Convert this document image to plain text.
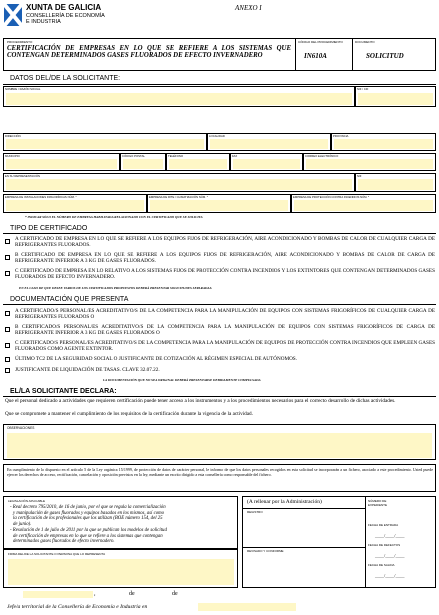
XUNTA DE GALICIA
CONSELLERÍA DE ECONOMÍA
E INDUSTRIA
ANEXO I
PROCEDIMIENTO
CERTIFICACIÓN DE EMPRESAS EN LO QUE SE REFIERE A LOS SISTEMAS QUE CONTENGAN DETERMINADOS GASES FLUORADOS DE EFECTO INVERNADERO
CÓDIGO DEL PROCEDIMIENTO
IN610A
DOCUMENTO
SOLICITUD
DATOS DEL/DE LA SOLICITANTE:
NOMBRE / RAZÓN SOCIAL	NIF / CIF
DIRECCIÓN	LOCALIDAD	PROVINCIA
MUNICIPIO	CÓDIGO POSTAL	TELÉFONO	FAX	CORREO ELECTRÓNICO
EN SU REPRESENTACIÓN	NIF
EMPRESA DE INSTALACIONES FRIGORÍFICAS NÚM. *	EMPRESA DE RITE / CLIMATIZACIÓN NÚM. *	EMPRESA DE PROTECCIÓN CONTRA INCENDIOS NÚM. *
* INDICAR SÓLO EL NÚMERO DE EMPRESA HABILITADA RELACIONADO CON EL CERTIFICADO QUE SE SOLICITA
TIPO DE CERTIFICADO
A CERTIFICADO DE EMPRESA EN LO QUE SE REFIERE A LOS EQUIPOS FIJOS DE REFRIGERACIÓN, AIRE ACONDICIONADO Y BOMBAS DE CALOR DE CUALQUIER CARGA DE REFRIGERANTES FLUORADOS.
B CERTIFICADO DE EMPRESA EN LO QUE SE REFIERE A LOS EQUIPOS FIJOS DE REFRIGERACIÓN, AIRE ACONDICIONADO Y BOMBAS DE CALOR DE CARGA DE REFRIGERANTE INFERIOR A 3 KG DE GASES FLUORADOS.
C CERTIFICADO DE EMPRESA EN LO RELATIVO A LOS SISTEMAS FIJOS DE PROTECCIÓN CONTRA INCENDIOS Y LOS EXTINTORES QUE CONTENGAN DETERMINADOS GASES FLUORADOS DE EFECTO INVERNADERO.
EN EL CASO DE QUE DESEE VARIOS DE LOS CERTIFICADOS PROPUESTOS DEBERÁ PRESENTAR SOLICITUDES SEPARADAS.
DOCUMENTACIÓN QUE PRESENTA
A CERTIFICADO/S PERSONAL/ES ACREDITATIVO/S DE LA COMPETENCIA PARA LA MANIPULACIÓN DE EQUIPOS CON SISTEMAS FRIGORÍFICOS DE CUALQUIER CARGA DE REFRIGERANTES FLUORADOS O
B CERTIFICADO/S PERSONAL/ES ACREDITATIVO/S DE LA COMPETENCIA PARA LA MANIPULACIÓN DE EQUIPOS CON SISTEMAS FRIGORÍFICOS DE CARGA DE REFRIGERANTE INFERIOR A 3 KG DE GASES FLUORADOS O
C CERTIFICADO/S PERSONAL/ES ACREDITATIVO/S DE LA COMPETENCIA PARA LA MANIPULACIÓN DE EQUIPOS DE PROTECCIÓN CONTRA INCENDIOS QUE EMPLEEN GASES FLUORADOS COMO AGENTE EXTINTOR.
ÚLTIMO TC2 DE LA SEGURIDAD SOCIAL O JUSTIFICANTE DE COTIZACIÓN AL RÉGIMEN ESPECIAL DE AUTÓNOMOS.
JUSTIFICANTE DE LIQUIDACIÓN DE TASAS. CLAVE 32.07.22.
LA DOCUMENTACIÓN QUE NO SEA ORIGINAL DEBERÁ PRESENTARSE DEBIDAMENTE COMPULSADA
EL/LA SOLICITANTE DECLARA:
Que el personal dedicado a actividades que requieren certificación puede tener acceso a los instrumentos y a los procedimientos necesarios para el correcto desarrollo de dichas actividades.
Que se compromete a mantener el cumplimiento de los requisitos de la certificación durante la vigencia de la actividad.
OBSERVACIONES
En cumplimiento de lo dispuesto en el artículo 5 de la Ley orgánica 15/1999, de protección de datos de carácter personal, le informo de que los datos personales recogidos en esta solicitud se incorporarán a un fichero, asociado a este procedimiento. Usted puede ejercer los derechos de acceso, rectificación, cancelación y oposición previstos en la ley, mediante un escrito dirigido a esta consellería como responsable del fichero.
LEGISLACIÓN APLICABLE
- Real decreto 795/2010, de 16 de junio, por el que se regula la comercialización
y manipulación de gases fluorados y equipos basados en los mismos, así como
la certificación de los profesionales que los utilizan (BOE número 154, del 25
de junio).
- Resolución de 1 de julio de 2011 por la que se publican los modelos de solicitud
de certificación de empresas en lo que se refiere a los sistemas que contengan
determinados gases fluorados de efecto invernadero.
FIRMA DEL/DE LA SOLICITANTE O PERSONA QUE LO REPRESENTA
(A rellenar por la Administración)
REGISTRO
REVISADO Y CONFORME
NÚMERO DE
EXPEDIENTE
FECHA DE ENTRADA
____/____/____
FECHA DE DEFECTOS
____/____/____
FECHA DE SALIDA
____/____/____
,	de	de
Jefe/a territorial de la Consellería de Economía e Industria en
